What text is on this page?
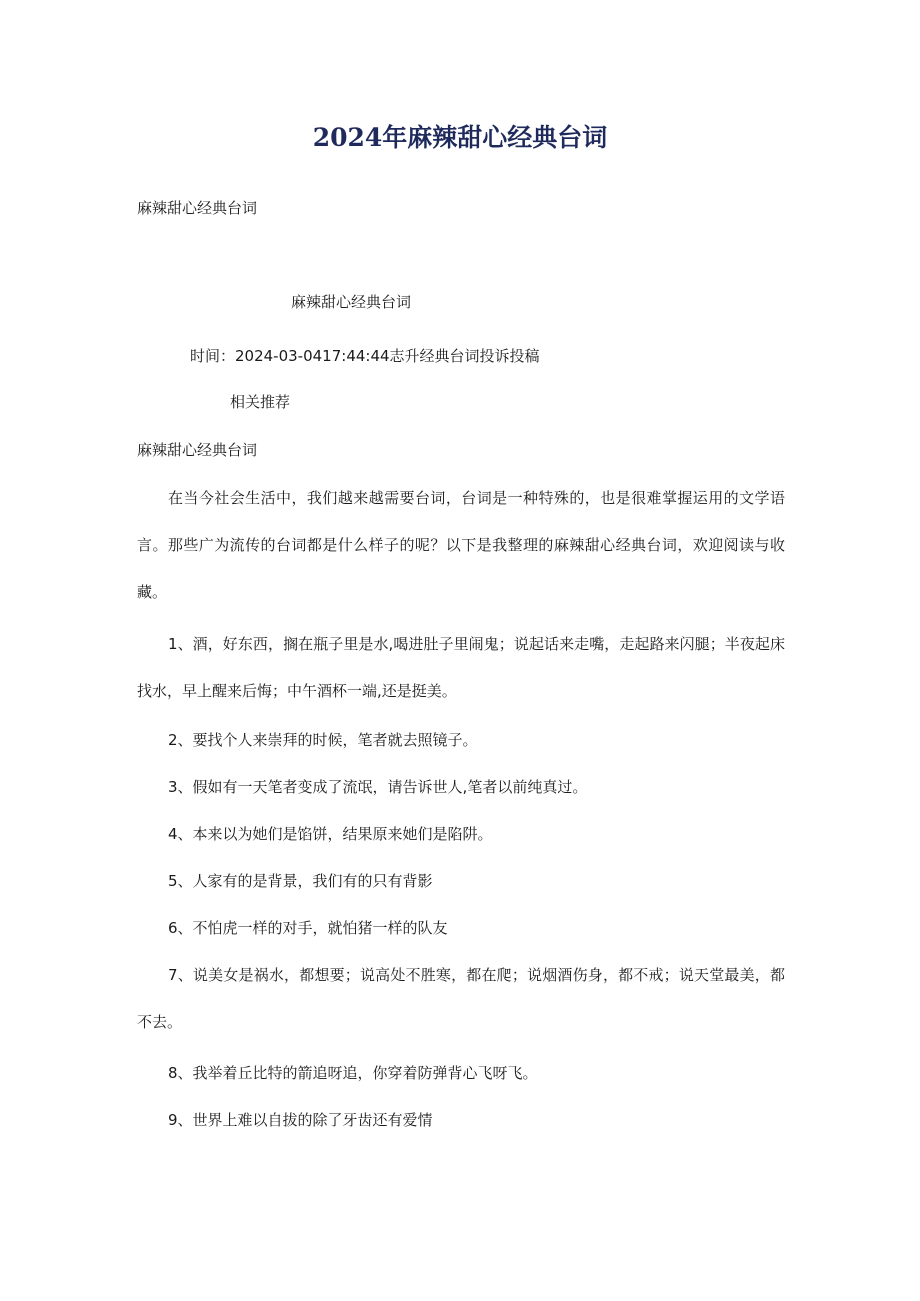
2024年麻辣甜心经典台词
麻辣甜心经典台词
麻辣甜心经典台词
时间：2024-03-0417:44:44志升经典台词投诉投稿
相关推荐
麻辣甜心经典台词
在当今社会生活中，我们越来越需要台词，台词是一种特殊的，也是很难掌握运用的文学语言。那些广为流传的台词都是什么样子的呢？以下是我整理的麻辣甜心经典台词，欢迎阅读与收藏。
1、酒，好东西，搁在瓶子里是水,喝进肚子里闹鬼；说起话来走嘴，走起路来闪腿；半夜起床找水，早上醒来后悔；中午酒杯一端,还是挺美。
2、要找个人来崇拜的时候，笔者就去照镜子。
3、假如有一天笔者变成了流氓，请告诉世人,笔者以前纯真过。
4、本来以为她们是馅饼，结果原来她们是陷阱。
5、人家有的是背景，我们有的只有背影
6、不怕虎一样的对手，就怕猪一样的队友
7、说美女是祸水，都想要；说高处不胜寒，都在爬；说烟酒伤身，都不戒；说天堂最美，都不去。
8、我举着丘比特的箭追呀追，你穿着防弹背心飞呀飞。
9、世界上难以自拔的除了牙齿还有爱情
